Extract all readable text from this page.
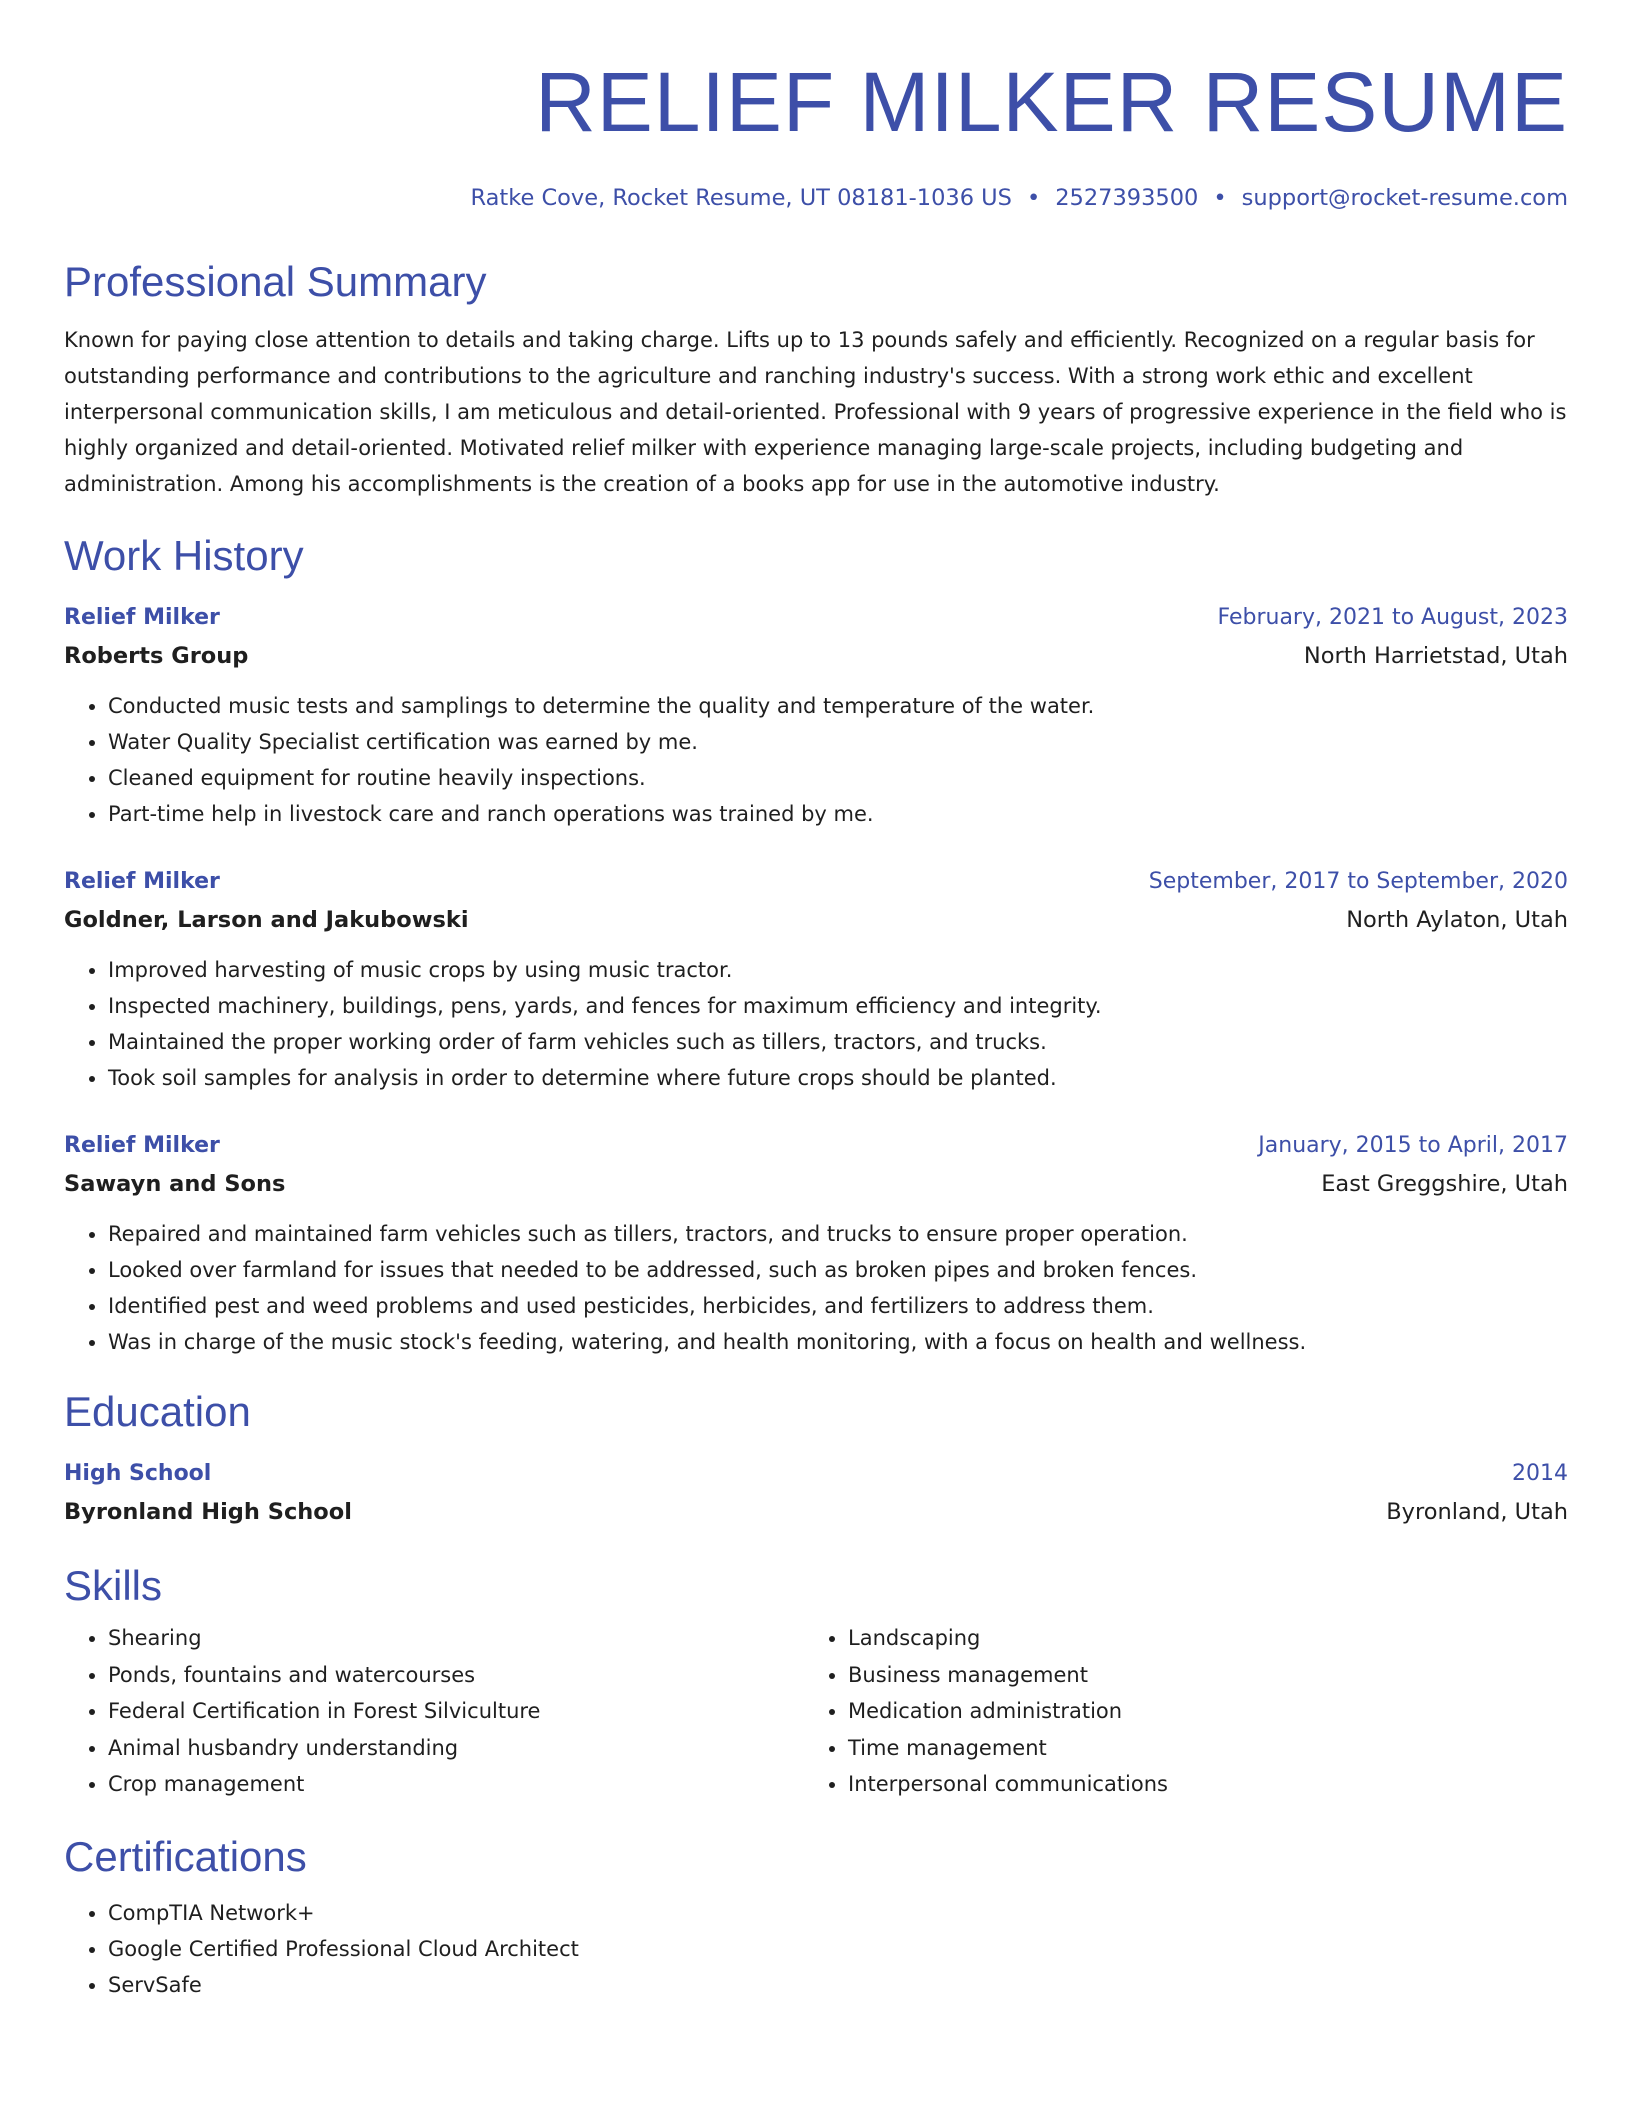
RELIEF MILKER RESUME
Ratke Cove, Rocket Resume, UT 08181-1036 US • 2527393500 • support@rocket-resume.com
Professional Summary
Known for paying close attention to details and taking charge. Lifts up to 13 pounds safely and efficiently. Recognized on a regular basis for outstanding performance and contributions to the agriculture and ranching industry's success. With a strong work ethic and excellent interpersonal communication skills, I am meticulous and detail-oriented. Professional with 9 years of progressive experience in the field who is highly organized and detail-oriented. Motivated relief milker with experience managing large-scale projects, including budgeting and administration. Among his accomplishments is the creation of a books app for use in the automotive industry.
Work History
Relief Milker	February, 2021 to August, 2023
Roberts Group	North Harrietstad, Utah
• Conducted music tests and samplings to determine the quality and temperature of the water.
• Water Quality Specialist certification was earned by me.
• Cleaned equipment for routine heavily inspections.
• Part-time help in livestock care and ranch operations was trained by me.
Relief Milker	September, 2017 to September, 2020
Goldner, Larson and Jakubowski	North Aylaton, Utah
• Improved harvesting of music crops by using music tractor.
• Inspected machinery, buildings, pens, yards, and fences for maximum efficiency and integrity.
• Maintained the proper working order of farm vehicles such as tillers, tractors, and trucks.
• Took soil samples for analysis in order to determine where future crops should be planted.
Relief Milker	January, 2015 to April, 2017
Sawayn and Sons	East Greggshire, Utah
• Repaired and maintained farm vehicles such as tillers, tractors, and trucks to ensure proper operation.
• Looked over farmland for issues that needed to be addressed, such as broken pipes and broken fences.
• Identified pest and weed problems and used pesticides, herbicides, and fertilizers to address them.
• Was in charge of the music stock's feeding, watering, and health monitoring, with a focus on health and wellness.
Education
High School	2014
Byronland High School	Byronland, Utah
Skills
• Shearing
• Ponds, fountains and watercourses
• Federal Certification in Forest Silviculture
• Animal husbandry understanding
• Crop management
• Landscaping
• Business management
• Medication administration
• Time management
• Interpersonal communications
Certifications
• CompTIA Network+
• Google Certified Professional Cloud Architect
• ServSafe
